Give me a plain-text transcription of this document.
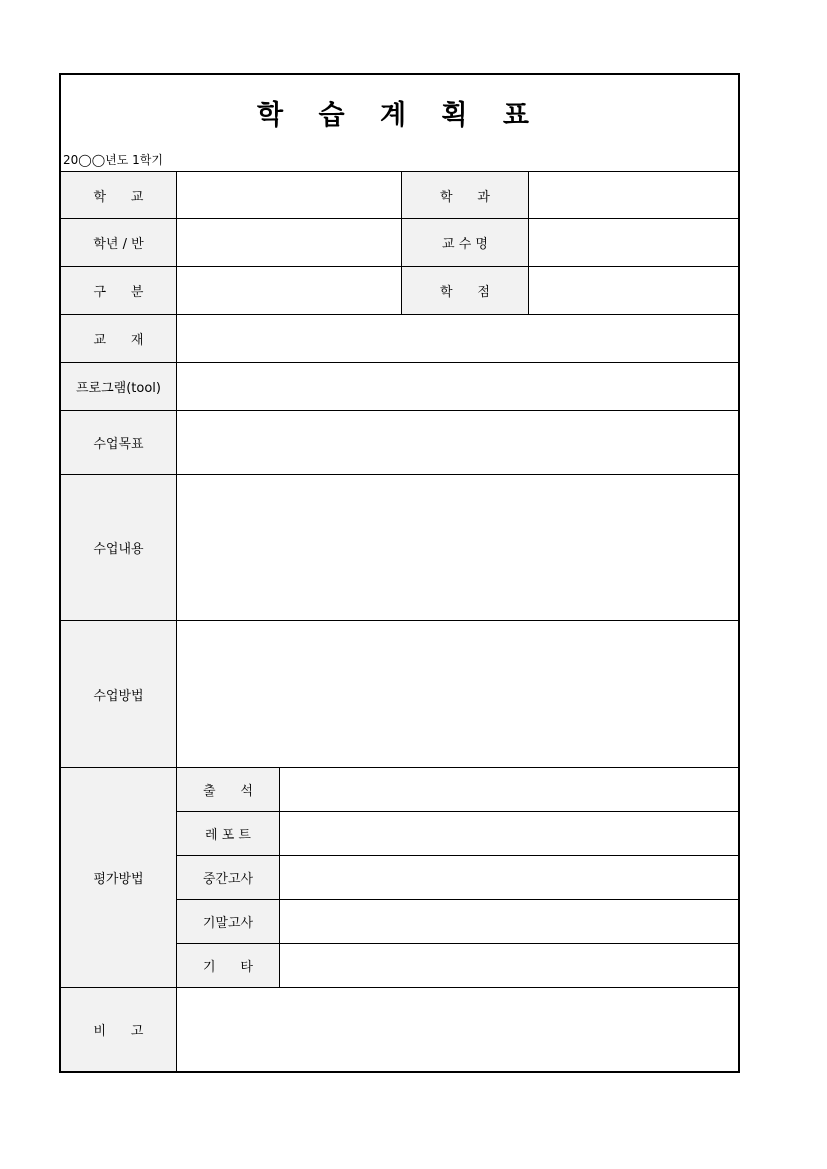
학 습 계 획 표
20◯◯년도 1학기
학      교	학      과
학년 / 반	교 수 명
구      분	학      점
교      재
프로그램(tool)
수업목표
수업내용
수업방법
평가방법
출      석
레 포 트
중간고사
기말고사
기      타
비      고
